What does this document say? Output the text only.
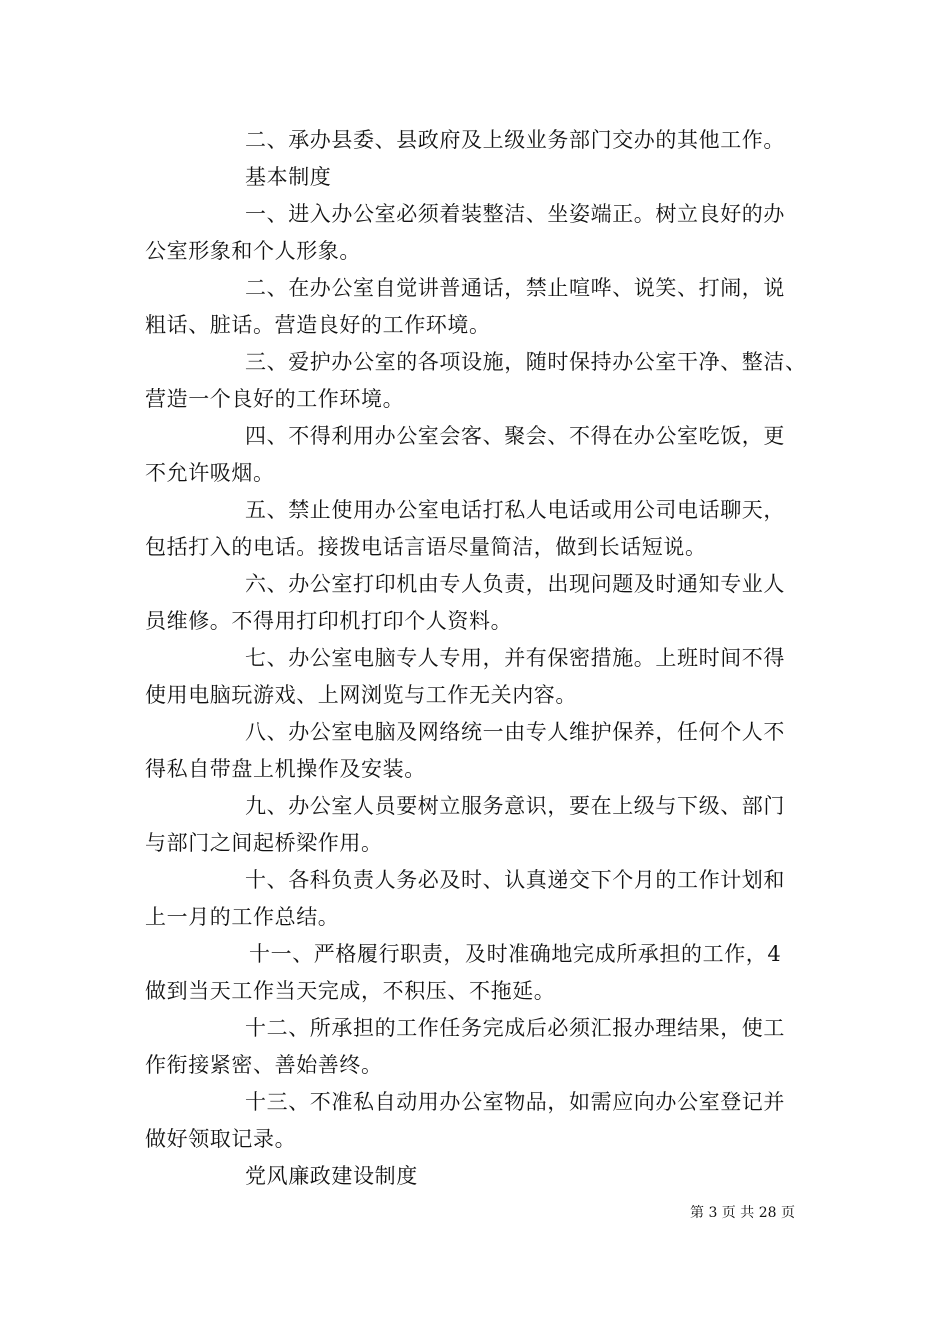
二、承办县委、县政府及上级业务部门交办的其他工作。
基本制度
一、进入办公室必须着装整洁、坐姿端正。树立良好的办
公室形象和个人形象。
二、在办公室自觉讲普通话，禁止喧哗、说笑、打闹，说
粗话、脏话。营造良好的工作环境。
三、爱护办公室的各项设施，随时保持办公室干净、整洁、
营造一个良好的工作环境。
四、不得利用办公室会客、聚会、不得在办公室吃饭，更
不允许吸烟。
五、禁止使用办公室电话打私人电话或用公司电话聊天，
包括打入的电话。接拨电话言语尽量简洁，做到长话短说。
六、办公室打印机由专人负责，出现问题及时通知专业人
员维修。不得用打印机打印个人资料。
七、办公室电脑专人专用，并有保密措施。上班时间不得
使用电脑玩游戏、上网浏览与工作无关内容。
八、办公室电脑及网络统一由专人维护保养，任何个人不
得私自带盘上机操作及安装。
九、办公室人员要树立服务意识，要在上级与下级、部门
与部门之间起桥梁作用。
十、各科负责人务必及时、认真递交下个月的工作计划和
上一月的工作总结。
十一、严格履行职责，及时准确地完成所承担的工作，4
做到当天工作当天完成，不积压、不拖延。
十二、所承担的工作任务完成后必须汇报办理结果，使工
作衔接紧密、善始善终。
十三、不准私自动用办公室物品，如需应向办公室登记并
做好领取记录。
党风廉政建设制度
第 3 页 共 28 页
